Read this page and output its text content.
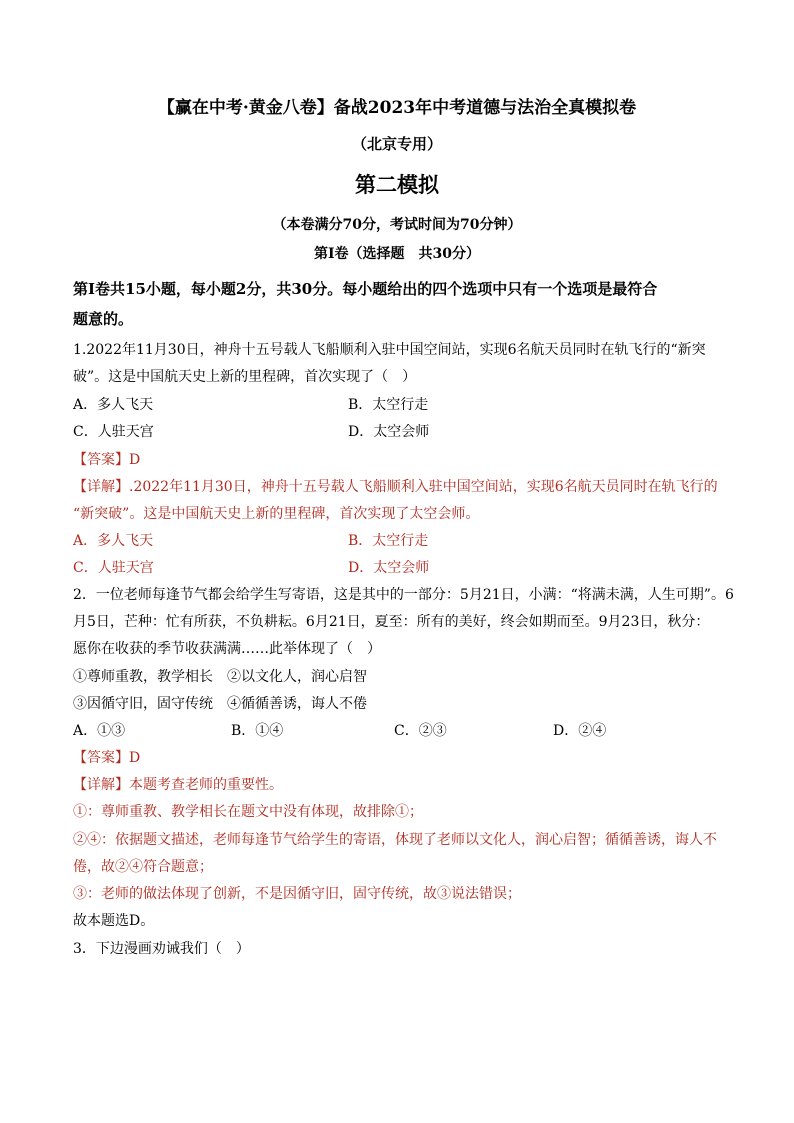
【赢在中考·黄金八卷】备战2023年中考道德与法治全真模拟卷
（北京专用）
第二模拟
（本卷满分70分，考试时间为70分钟）
第I卷（选择题　共30分）
第I卷共15小题，每小题2分，共30分。每小题给出的四个选项中只有一个选项是最符合
题意的。
1.2022年11月30日，神舟十五号载人飞船顺利入驻中国空间站，实现6名航天员同时在轨飞行的“新突
破”。这是中国航天史上新的里程碑，首次实现了（　）
A．多人飞天	B．太空行走
C．人驻天宫	D．太空会师
【答案】D
【详解】.2022年11月30日，神舟十五号载人飞船顺利入驻中国空间站，实现6名航天员同时在轨飞行的
“新突破”。这是中国航天史上新的里程碑，首次实现了太空会师。
A．多人飞天	B．太空行走
C．人驻天宫	D．太空会师
2．一位老师每逢节气都会给学生写寄语，这是其中的一部分：5月21日，小满：“将满未满，人生可期”。6
月5日，芒种：忙有所获，不负耕耘。6月21日，夏至：所有的美好，终会如期而至。9月23日，秋分：
愿你在收获的季节收获满满……此举体现了（　）
①尊师重教，教学相长　②以文化人，润心启智
③因循守旧，固守传统　④循循善诱，诲人不倦
A．①③	B．①④	C．②③	D．②④
【答案】D
【详解】本题考查老师的重要性。
①：尊师重教、教学相长在题文中没有体现，故排除①；
②④：依据题文描述，老师每逢节气给学生的寄语，体现了老师以文化人，润心启智；循循善诱，诲人不
倦，故②④符合题意；
③：老师的做法体现了创新，不是因循守旧，固守传统，故③说法错误；
故本题选D。
3．下边漫画劝诫我们（　）
